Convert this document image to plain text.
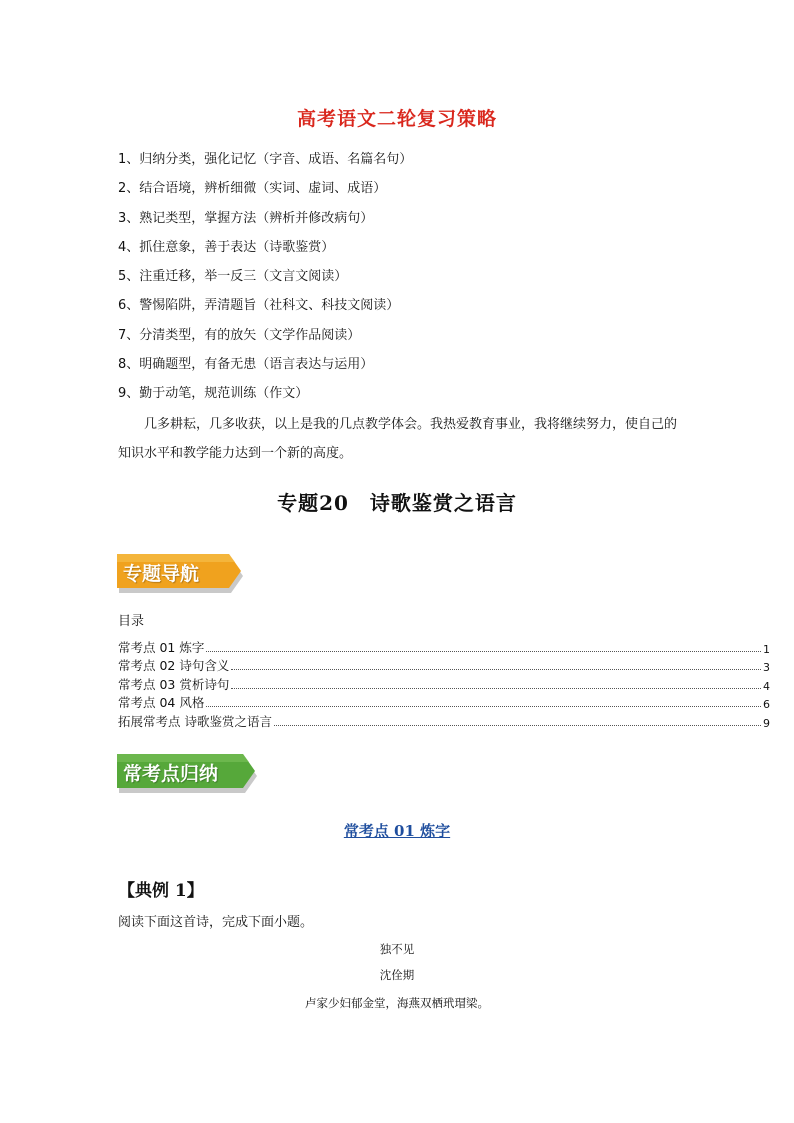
高考语文二轮复习策略
1、归纳分类，强化记忆（字音、成语、名篇名句）
2、结合语境，辨析细微（实词、虚词、成语）
3、熟记类型，掌握方法（辨析并修改病句）
4、抓住意象，善于表达（诗歌鉴赏）
5、注重迁移，举一反三（文言文阅读）
6、警惕陷阱，弄清题旨（社科文、科技文阅读）
7、分清类型，有的放矢（文学作品阅读）
8、明确题型，有备无患（语言表达与运用）
9、勤于动笔，规范训练（作文）

几多耕耘，几多收获，以上是我的几点教学体会。我热爱教育事业，我将继续努力，使自己的知识水平和教学能力达到一个新的高度。

专题20　诗歌鉴赏之语言
专题导航
目录
常考点 01 炼字	1
常考点 02 诗句含义	3
常考点 03 赏析诗句	4
常考点 04 风格	6
拓展常考点 诗歌鉴赏之语言	9
常考点归纳
常考点 01 炼字
【典例 1】
阅读下面这首诗，完成下面小题。
独不见
沈佺期
卢家少妇郁金堂，海燕双栖玳瑁梁。
